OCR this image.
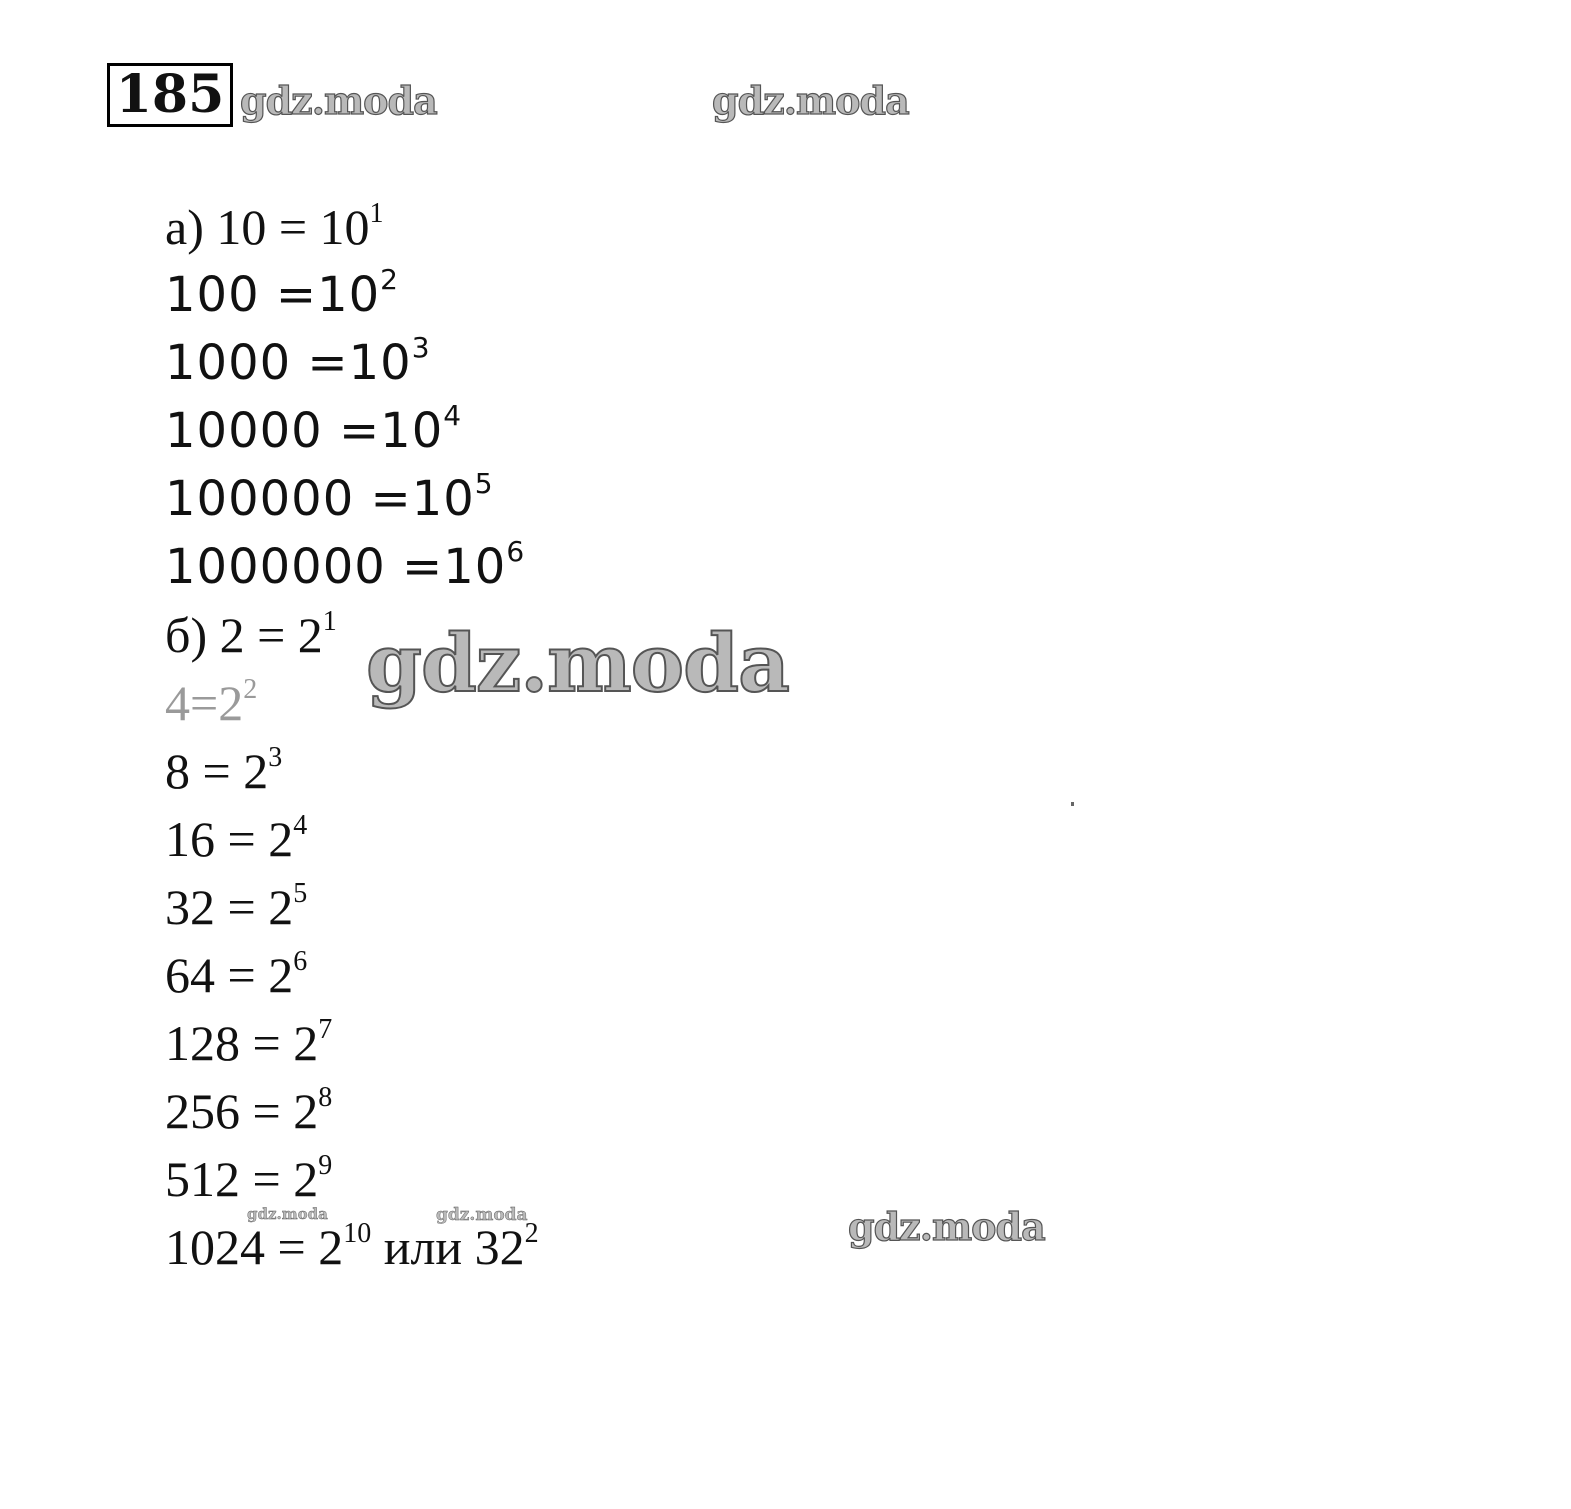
185 gdz.moda	gdz.moda
а) $10 = 10^1$
$100 =10^2$
$1000 =10^3$
$10000 =10^4$
$100000 =10^5$
$1000000 =10^6$
б) $2 = 2^1$
$4=2^2$
$8 = 2^3$
$16 = 2^4$
$32 = 2^5$
$64 = 2^6$
$128 = 2^7$
$256 = 2^8$
$512 = 2^9$
$1024 = 2^{10}$ или $32^2$
gdz.moda
gdz.moda
gdz.moda	gdz.moda
